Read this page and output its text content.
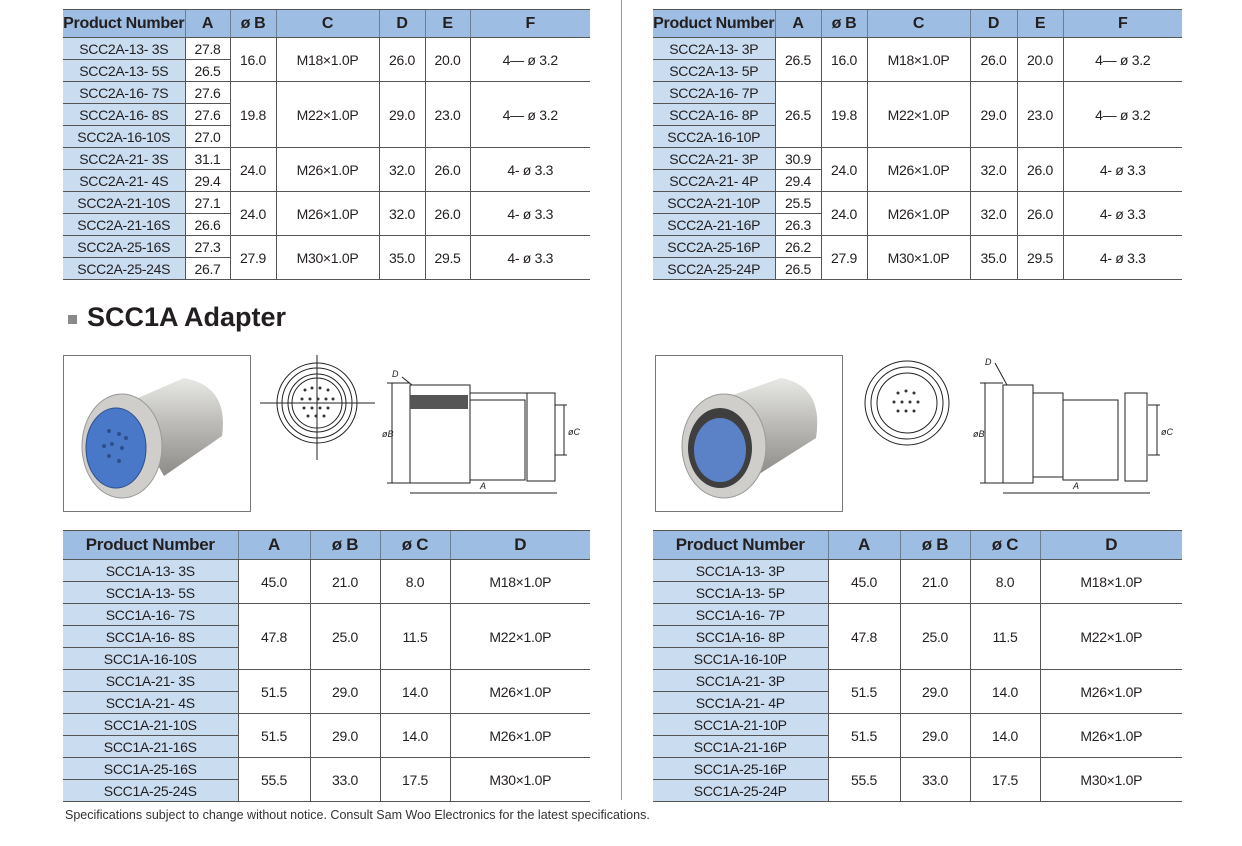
Product Number	A	ø B	C	D	E	F
SCC2A-13- 3S	27.8	16.0	M18×1.0P	26.0	20.0	4— ø 3.2
SCC2A-13- 5S	26.5					
SCC2A-16- 7S	27.6	19.8	M22×1.0P	29.0	23.0	4— ø 3.2
SCC2A-16- 8S	27.6					
SCC2A-16-10S	27.0					
SCC2A-21- 3S	31.1	24.0	M26×1.0P	32.0	26.0	4- ø 3.3
SCC2A-21- 4S	29.4					
SCC2A-21-10S	27.1	24.0	M26×1.0P	32.0	26.0	4- ø 3.3
SCC2A-21-16S	26.6					
SCC2A-25-16S	27.3	27.9	M30×1.0P	35.0	29.5	4- ø 3.3
SCC2A-25-24S	26.7					
Product Number	A	ø B	C	D	E	F
SCC2A-13- 3P	26.5	16.0	M18×1.0P	26.0	20.0	4— ø 3.2
SCC2A-13- 5P						
SCC2A-16- 7P	26.5	19.8	M22×1.0P	29.0	23.0	4— ø 3.2
SCC2A-16- 8P						
SCC2A-16-10P						
SCC2A-21- 3P	30.9	24.0	M26×1.0P	32.0	26.0	4- ø 3.3
SCC2A-21- 4P	29.4					
SCC2A-21-10P	25.5	24.0	M26×1.0P	32.0	26.0	4- ø 3.3
SCC2A-21-16P	26.3					
SCC2A-25-16P	26.2	27.9	M30×1.0P	35.0	29.5	4- ø 3.3
SCC2A-25-24P	26.5					
SCC1A Adapter
D
øB	øC
A
D
øB	øC
A
Product Number	A	ø B	ø C	D
SCC1A-13- 3S	45.0	21.0	8.0	M18×1.0P
SCC1A-13- 5S				
SCC1A-16- 7S	47.8	25.0	11.5	M22×1.0P
SCC1A-16- 8S				
SCC1A-16-10S				
SCC1A-21- 3S	51.5	29.0	14.0	M26×1.0P
SCC1A-21- 4S				
SCC1A-21-10S	51.5	29.0	14.0	M26×1.0P
SCC1A-21-16S				
SCC1A-25-16S	55.5	33.0	17.5	M30×1.0P
SCC1A-25-24S				
Product Number	A	ø B	ø C	D
SCC1A-13- 3P	45.0	21.0	8.0	M18×1.0P
SCC1A-13- 5P				
SCC1A-16- 7P	47.8	25.0	11.5	M22×1.0P
SCC1A-16- 8P				
SCC1A-16-10P				
SCC1A-21- 3P	51.5	29.0	14.0	M26×1.0P
SCC1A-21- 4P				
SCC1A-21-10P	51.5	29.0	14.0	M26×1.0P
SCC1A-21-16P				
SCC1A-25-16P	55.5	33.0	17.5	M30×1.0P
SCC1A-25-24P				
Specifications subject to change without notice. Consult Sam Woo Electronics for the latest specifications.
